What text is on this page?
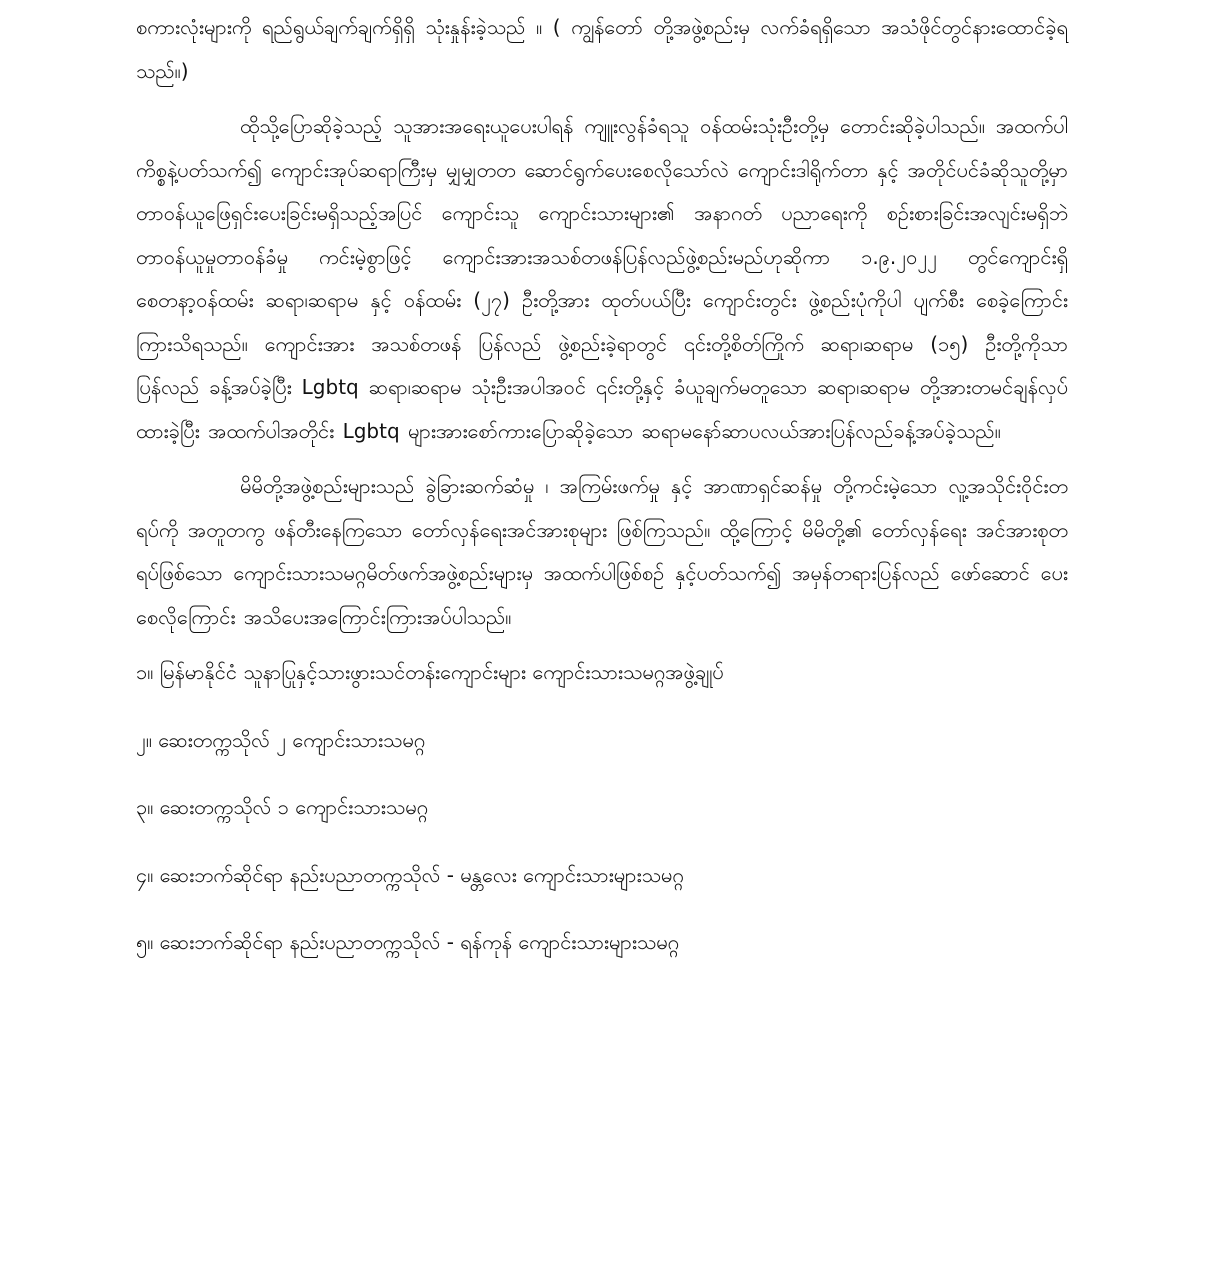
စကားလုံးများကို ရည်ရွယ်ချက်ချက်ရှိရှိ သုံးနှုန်းခဲ့သည် ။ ( ကျွန်တော် တို့အဖွဲ့စည်းမှ လက်ခံရရှိသော အသံဖိုင်တွင်နားထောင်ခဲ့ရသည်။)

ထိုသို့ပြောဆိုခဲ့သည့် သူအားအရေးယူပေးပါရန် ကျူးလွန်ခံရသူ ဝန်ထမ်းသုံးဦးတို့မှ တောင်းဆိုခဲ့ပါသည်။ အထက်ပါကိစ္စနဲ့ပတ်သက်၍ ကျောင်းအုပ်ဆရာကြီးမှ မျှမျှတတ ဆောင်ရွက်ပေးစေလိုသော်လဲ ကျောင်းဒါရိုက်တာ နှင့် အတိုင်ပင်ခံဆိုသူတို့မှာ တာဝန်ယူဖြေရှင်းပေးခြင်းမရှိသည့်အပြင် ကျောင်းသူ ကျောင်းသားများ၏ အနာဂတ် ပညာရေးကို စဉ်းစားခြင်းအလျင်းမရှိဘဲ တာဝန်ယူမှုတာဝန်ခံမှု ကင်းမဲ့စွာဖြင့် ကျောင်းအားအသစ်တဖန်ပြန်လည်ဖွဲ့စည်းမည်ဟုဆိုကာ ၁.၉.၂၀၂၂ တွင်ကျောင်းရှိ စေတနာ့ဝန်ထမ်း ဆရာ၊ဆရာမ နှင့် ဝန်ထမ်း (၂၇) ဦးတို့အား ထုတ်ပယ်ပြီး ကျောင်းတွင်း ဖွဲ့စည်းပုံကိုပါ ပျက်စီး စေခဲ့ကြောင်း ကြားသိရသည်။ ကျောင်းအား အသစ်တဖန် ပြန်လည် ဖွဲ့စည်းခဲ့ရာတွင် ၎င်းတို့စိတ်ကြိုက် ဆရာ၊ဆရာမ (၁၅) ဦးတို့ကိုသာ ပြန်လည် ခန့်အပ်ခဲ့ပြီး Lgbtq ဆရာ၊ဆရာမ သုံးဦးအပါအဝင် ၎င်းတို့နှင့် ခံယူချက်မတူသော ဆရာ၊ဆရာမ တို့အားတမင်ချန်လှပ် ထားခဲ့ပြီး အထက်ပါအတိုင်း Lgbtq များအားစော်ကားပြောဆိုခဲ့သော ဆရာမနော်ဆာပလယ်အားပြန်လည်ခန့်အပ်ခဲ့သည်။

မိမိတို့အဖွဲ့စည်းများသည် ခွဲခြားဆက်ဆံမှု ၊ အကြမ်းဖက်မှု နှင့် အာဏာရှင်ဆန်မှု တို့ကင်းမဲ့သော လူ့အသိုင်းဝိုင်းတရပ်ကို အတူတကွ ဖန်တီးနေကြသော တော်လှန်ရေးအင်အားစုများ ဖြစ်ကြသည်။ ထို့ကြောင့် မိမိတို့၏ တော်လှန်ရေး အင်အားစုတရပ်ဖြစ်သော ကျောင်းသားသမဂ္ဂမိတ်ဖက်အဖွဲ့စည်းများမှ အထက်ပါဖြစ်စဉ် နှင့်ပတ်သက်၍ အမှန်တရားပြန်လည် ဖော်ဆောင် ပေးစေလိုကြောင်း အသိပေးအကြောင်းကြားအပ်ပါသည်။

၁။ မြန်မာနိုင်ငံ သူနာပြုနှင့်သားဖွားသင်တန်းကျောင်းများ ကျောင်းသားသမဂ္ဂအဖွဲ့ချုပ်
၂။ ဆေးတက္ကသိုလ် ၂ ကျောင်းသားသမဂ္ဂ
၃။ ဆေးတက္ကသိုလ် ၁ ကျောင်းသားသမဂ္ဂ
၄။ ဆေးဘက်ဆိုင်ရာ နည်းပညာတက္ကသိုလ် - မန္တလေး ကျောင်းသားများသမဂ္ဂ
၅။ ဆေးဘက်ဆိုင်ရာ နည်းပညာတက္ကသိုလ် - ရန်ကုန် ကျောင်းသားများသမဂ္ဂ
